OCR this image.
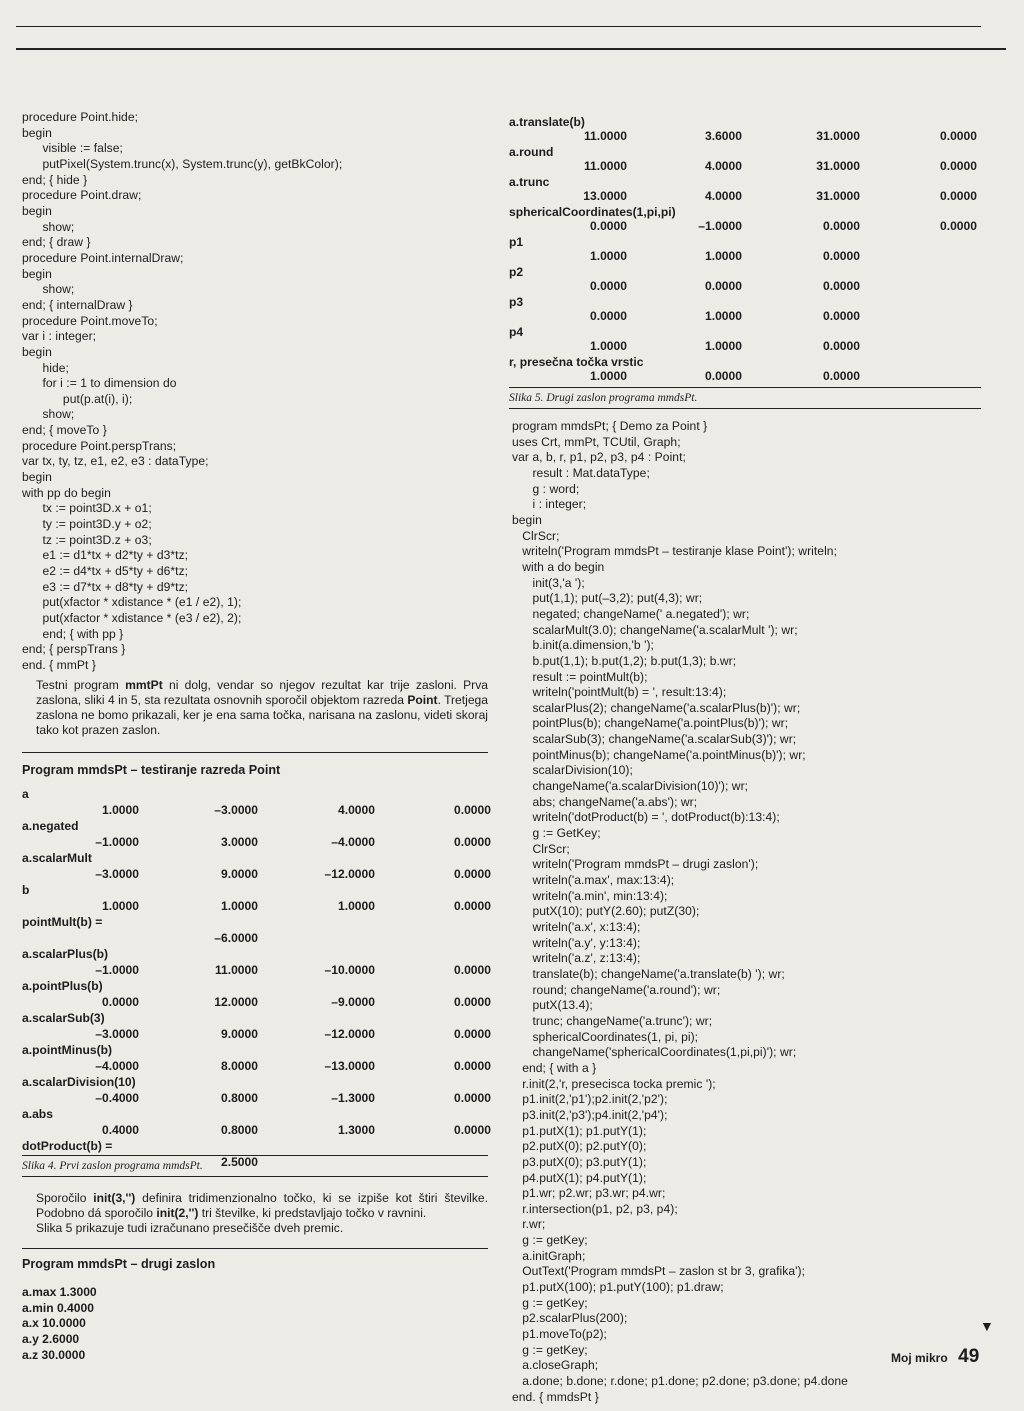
procedure Point.hide;
begin
visible := false;
putPixel(System.trunc(x), System.trunc(y), getBkColor);
end; { hide }
procedure Point.draw;
begin
show;
end; { draw }
procedure Point.internalDraw;
begin
show;
end; { internalDraw }
procedure Point.moveTo;
var i : integer;
begin
hide;
for i := 1 to dimension do
put(p.at(i), i);
show;
end; { moveTo }
procedure Point.perspTrans;
var tx, ty, tz, e1, e2, e3 : dataType;
begin
with pp do begin
tx := point3D.x + o1;
ty := point3D.y + o2;
tz := point3D.z + o3;
e1 := d1*tx + d2*ty + d3*tz;
e2 := d4*tx + d5*ty + d6*tz;
e3 := d7*tx + d8*ty + d9*tz;
put(xfactor * xdistance * (e1 / e2), 1);
put(xfactor * xdistance * (e3 / e2), 2);
end; { with pp }
end; { perspTrans }
end. { mmPt }

Testni program mmtPt ni dolg, vendar so njegov rezultat kar trije zasloni. Prva zaslona, sliki 4 in 5, sta rezultata osnovnih sporočil objektom razreda Point. Tretjega zaslona ne bomo prikazali, ker je ena sama točka, narisana na zaslonu, videti skoraj tako kot prazen zaslon.

Program mmdsPt – testiranje razreda Point

a
1.0000	–3.0000	4.0000	0.0000
a.negated
–1.0000	3.0000	–4.0000	0.0000
a.scalarMult
–3.0000	9.0000	–12.0000	0.0000
b
1.0000	1.0000	1.0000	0.0000
pointMult(b) =
–6.0000
a.scalarPlus(b)
–1.0000	11.0000	–10.0000	0.0000
a.pointPlus(b)
0.0000	12.0000	–9.0000	0.0000
a.scalarSub(3)
–3.0000	9.0000	–12.0000	0.0000
a.pointMinus(b)
–4.0000	8.0000	–13.0000	0.0000
a.scalarDivision(10)
–0.4000	0.8000	–1.3000	0.0000
a.abs
0.4000	0.8000	1.3000	0.0000
dotProduct(b) =
2.5000
Slika 4. Prvi zaslon programa mmdsPt.

Sporočilo init(3,'') definira tridimenzionalno točko, ki se izpiše kot štiri številke. Podobno dá sporočilo init(2,'') tri številke, ki predstavljajo točko v ravnini.

Slika 5 prikazuje tudi izračunano presečišče dveh premic.

Program mmdsPt – drugi zaslon

a.max 1.3000
a.min 0.4000
a.x 10.0000
a.y 2.6000
a.z 30.0000
a.translate(b)
11.0000	3.6000	31.0000	0.0000
a.round
11.0000	4.0000	31.0000	0.0000
a.trunc
13.0000	4.0000	31.0000	0.0000
sphericalCoordinates(1,pi,pi)
0.0000	–1.0000	0.0000	0.0000
p1
1.0000	1.0000	0.0000
p2
0.0000	0.0000	0.0000
p3
0.0000	1.0000	0.0000
p4
1.0000	1.0000	0.0000
r, presečna točka vrstic
1.0000	0.0000	0.0000
Slika 5. Drugi zaslon programa mmdsPt.
program mmdsPt; { Demo za Point }
uses Crt, mmPt, TCUtil, Graph;
var a, b, r, p1, p2, p3, p4 : Point;
result : Mat.dataType;
g : word;
i : integer;
begin
ClrScr;
writeln('Program mmdsPt – testiranje klase Point'); writeln;
with a do begin
init(3,'a ');
put(1,1); put(–3,2); put(4,3); wr;
negated; changeName(' a.negated'); wr;
scalarMult(3.0); changeName('a.scalarMult '); wr;
b.init(a.dimension,'b ');
b.put(1,1); b.put(1,2); b.put(1,3); b.wr;
result := pointMult(b);
writeln('pointMult(b) = ', result:13:4);
scalarPlus(2); changeName('a.scalarPlus(b)'); wr;
pointPlus(b); changeName('a.pointPlus(b)'); wr;
scalarSub(3); changeName('a.scalarSub(3)'); wr;
pointMinus(b); changeName('a.pointMinus(b)'); wr;
scalarDivision(10);
changeName('a.scalarDivision(10)'); wr;
abs; changeName('a.abs'); wr;
writeln('dotProduct(b) = ', dotProduct(b):13:4);
g := GetKey;
ClrScr;
writeln('Program mmdsPt – drugi zaslon');
writeln('a.max', max:13:4);
writeln('a.min', min:13:4);
putX(10); putY(2.60); putZ(30);
writeln('a.x', x:13:4);
writeln('a.y', y:13:4);
writeln('a.z', z:13:4);
translate(b); changeName('a.translate(b) '); wr;
round; changeName('a.round'); wr;
putX(13.4);
trunc; changeName('a.trunc'); wr;
sphericalCoordinates(1, pi, pi);
changeName('sphericalCoordinates(1,pi,pi)'); wr;
end; { with a }
r.init(2,'r, presecisca tocka premic ');
p1.init(2,'p1');p2.init(2,'p2');
p3.init(2,'p3');p4.init(2,'p4');
p1.putX(1); p1.putY(1);
p2.putX(0); p2.putY(0);
p3.putX(0); p3.putY(1);
p4.putX(1); p4.putY(1);
p1.wr; p2.wr; p3.wr; p4.wr;
r.intersection(p1, p2, p3, p4);
r.wr;
g := getKey;
a.initGraph;
OutText('Program mmdsPt – zaslon st br 3, grafika');
p1.putX(100); p1.putY(100); p1.draw;
g := getKey;
p2.scalarPlus(200);
p1.moveTo(p2);
g := getKey;
a.closeGraph;
a.done; b.done; r.done; p1.done; p2.done; p3.done; p4.done
end. { mmdsPt }
▼
Moj mikro 49
